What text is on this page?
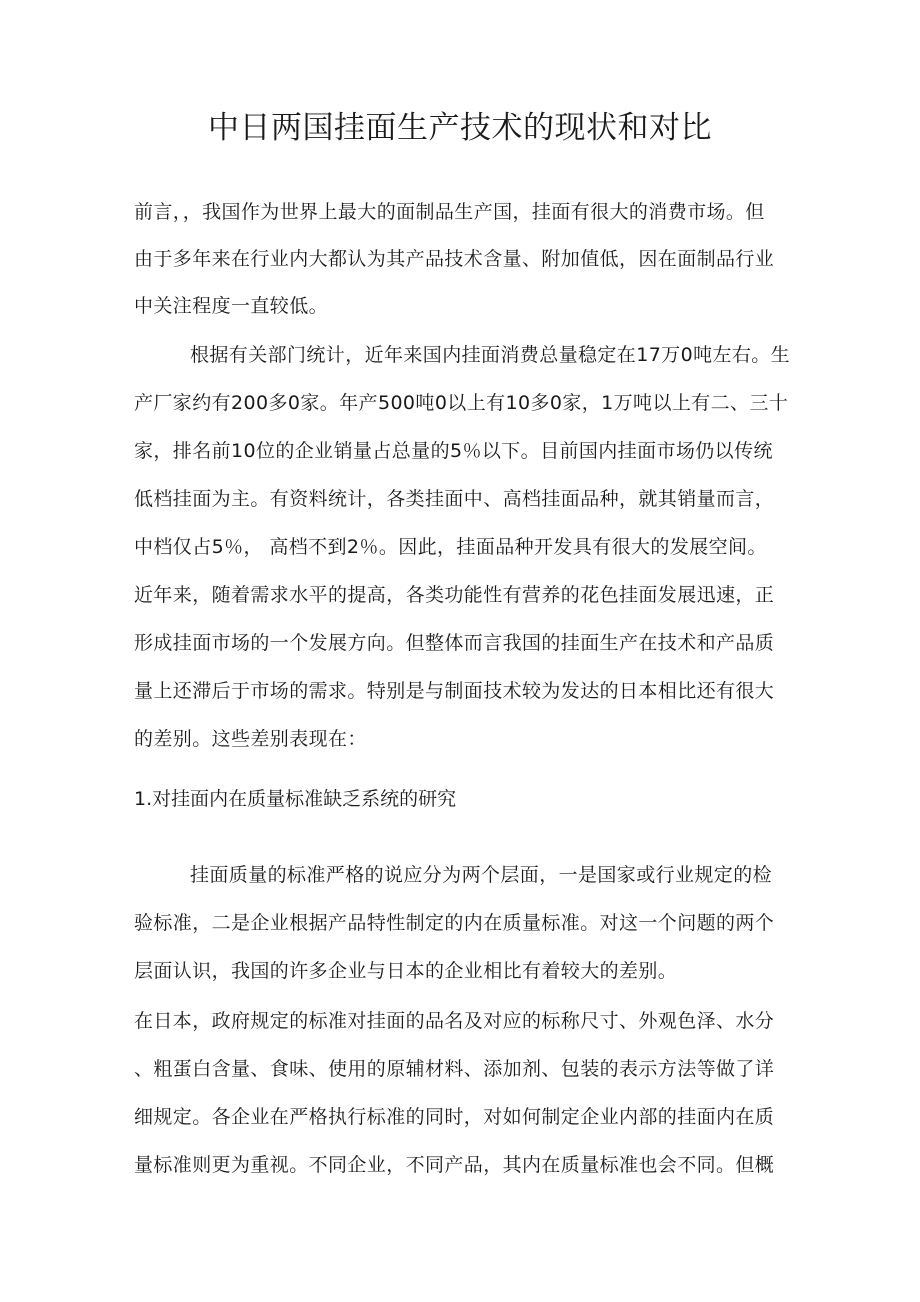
中日两国挂面生产技术的现状和对比
前言，，我国作为世界上最大的面制品生产国，挂面有很大的消费市场。但
由于多年来在行业内大都认为其产品技术含量、附加值低，因在面制品行业
中关注程度一直较低。
根据有关部门统计，近年来国内挂面消费总量稳定在17万0吨左右。生
产厂家约有200多0家。年产500吨0以上有10多0家，1万吨以上有二、三十
家，排名前10位的企业销量占总量的5％以下。目前国内挂面市场仍以传统
低档挂面为主。有资料统计，各类挂面中、高档挂面品种，就其销量而言，
中档仅占5％， 高档不到2％。因此，挂面品种开发具有很大的发展空间。
近年来，随着需求水平的提高，各类功能性有营养的花色挂面发展迅速，正
形成挂面市场的一个发展方向。但整体而言我国的挂面生产在技术和产品质
量上还滞后于市场的需求。特别是与制面技术较为发达的日本相比还有很大
的差别。这些差别表现在：
1.对挂面内在质量标准缺乏系统的研究
挂面质量的标准严格的说应分为两个层面，一是国家或行业规定的检
验标准，二是企业根据产品特性制定的内在质量标准。对这一个问题的两个
层面认识，我国的许多企业与日本的企业相比有着较大的差别。
在日本，政府规定的标准对挂面的品名及对应的标称尺寸、外观色泽、水分
、粗蛋白含量、食味、使用的原辅材料、添加剂、包装的表示方法等做了详
细规定。各企业在严格执行标准的同时，对如何制定企业内部的挂面内在质
量标准则更为重视。不同企业，不同产品，其内在质量标准也会不同。但概
